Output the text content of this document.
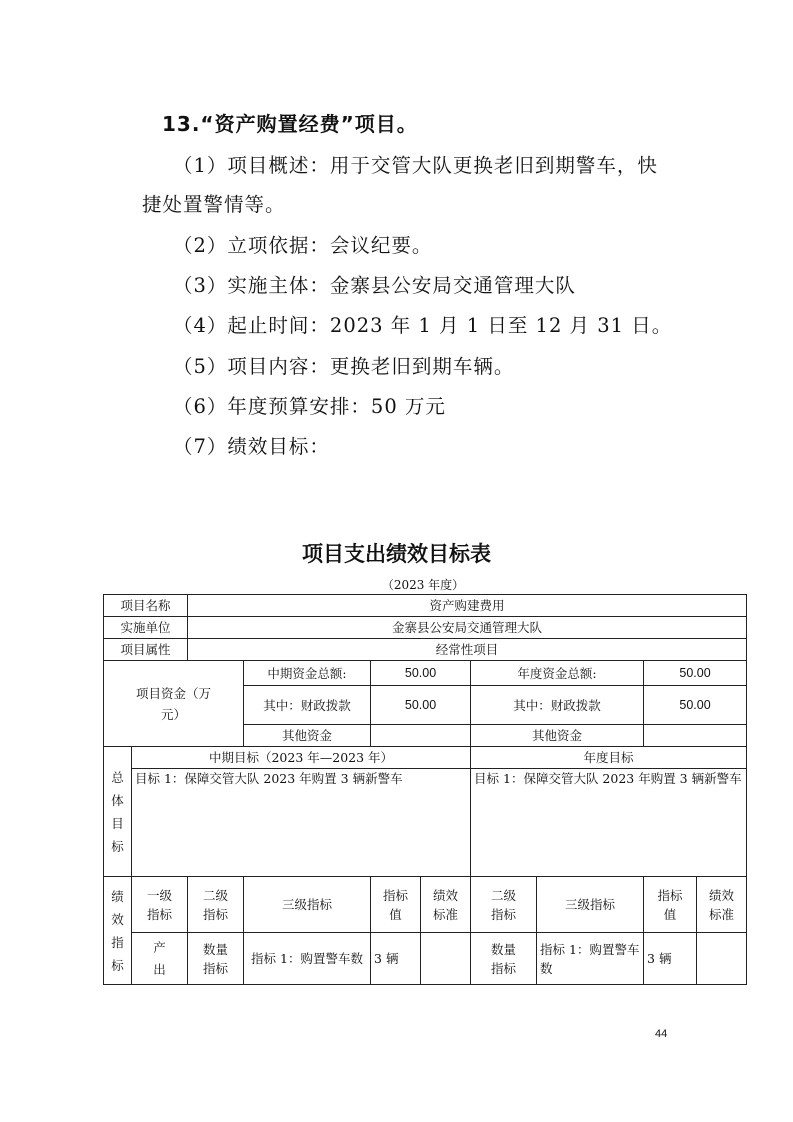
13.“资产购置经费”项目。
（1）项目概述：用于交管大队更换老旧到期警车，快
捷处置警情等。
（2）立项依据：会议纪要。
（3）实施主体：金寨县公安局交通管理大队
（4）起止时间：2023 年 1 月 1 日至 12 月 31 日。
（5）项目内容：更换老旧到期车辆。
（6）年度预算安排：50 万元
（7）绩效目标：
项目支出绩效目标表
（2023 年度）
项目名称		资产购建费用							
实施单位		金寨县公安局交通管理大队							
项目属性		经常性项目							

项目资金（万元）			中期资金总额:	50.00		年度资金总额:		50.00	
			其中：财政拨款	50.00		其中：财政拨款		50.00	
			其他资金			其他资金			

总体目标	中期目标（2023 年—2023 年）					年度目标			
	目标 1：保障交管大队 2023 年购置 3 辆新警车					目标 1：保障交管大队 2023 年购置 3 辆新警车			

绩效指标	一级指标	二级指标	三级指标	指标值	绩效标准	二级指标	三级指标	指标值	绩效标准

	产出	数量指标	指标 1：购置警车数	3 辆		数量指标	指标 1：购置警车数	3 辆	
44
